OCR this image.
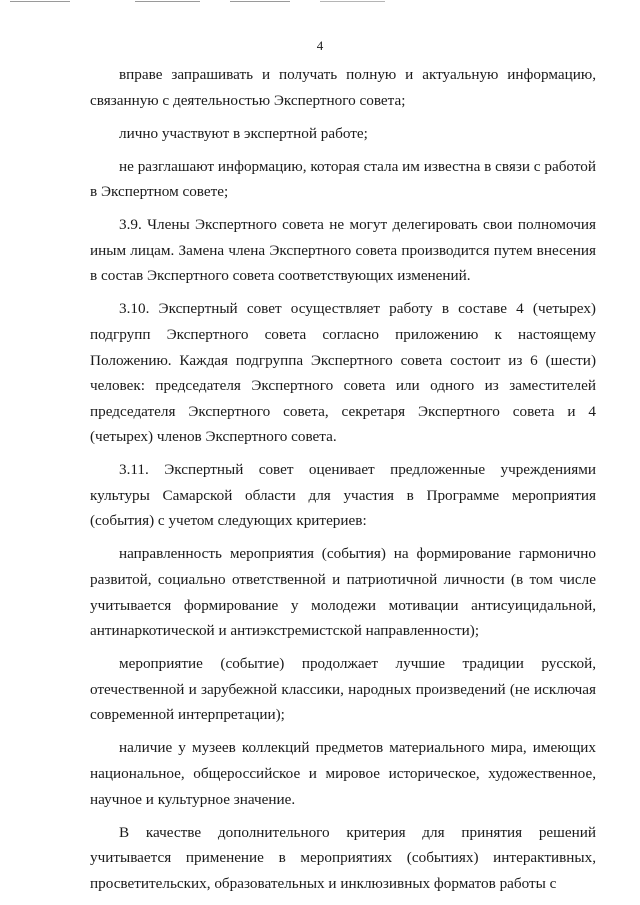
4

вправе запрашивать и получать полную и актуальную информацию, связанную с деятельностью Экспертного совета;

лично участвуют в экспертной работе;

не разглашают информацию, которая стала им известна в связи с работой в Экспертном совете;

3.9. Члены Экспертного совета не могут делегировать свои полномочия иным лицам. Замена члена Экспертного совета производится путем внесения в состав Экспертного совета соответствующих изменений.

3.10. Экспертный совет осуществляет работу в составе 4 (четырех) подгрупп Экспертного совета согласно приложению к настоящему Положению. Каждая подгруппа Экспертного совета состоит из 6 (шести) человек: председателя Экспертного совета или одного из заместителей председателя Экспертного совета, секретаря Экспертного совета и 4 (четырех) членов Экспертного совета.

3.11. Экспертный совет оценивает предложенные учреждениями культуры Самарской области для участия в Программе мероприятия (события) с учетом следующих критериев:

направленность мероприятия (события) на формирование гармонично развитой, социально ответственной и патриотичной личности (в том числе учитывается формирование у молодежи мотивации антисуицидальной, антинаркотической и антиэкстремистской направленности);

мероприятие (событие) продолжает лучшие традиции русской, отечественной и зарубежной классики, народных произведений (не исключая современной интерпретации);

наличие у музеев коллекций предметов материального мира, имеющих национальное, общероссийское и мировое историческое, художественное, научное и культурное значение.

В качестве дополнительного критерия для принятия решений учитывается применение в мероприятиях (событиях) интерактивных, просветительских, образовательных и инклюзивных форматов работы с
